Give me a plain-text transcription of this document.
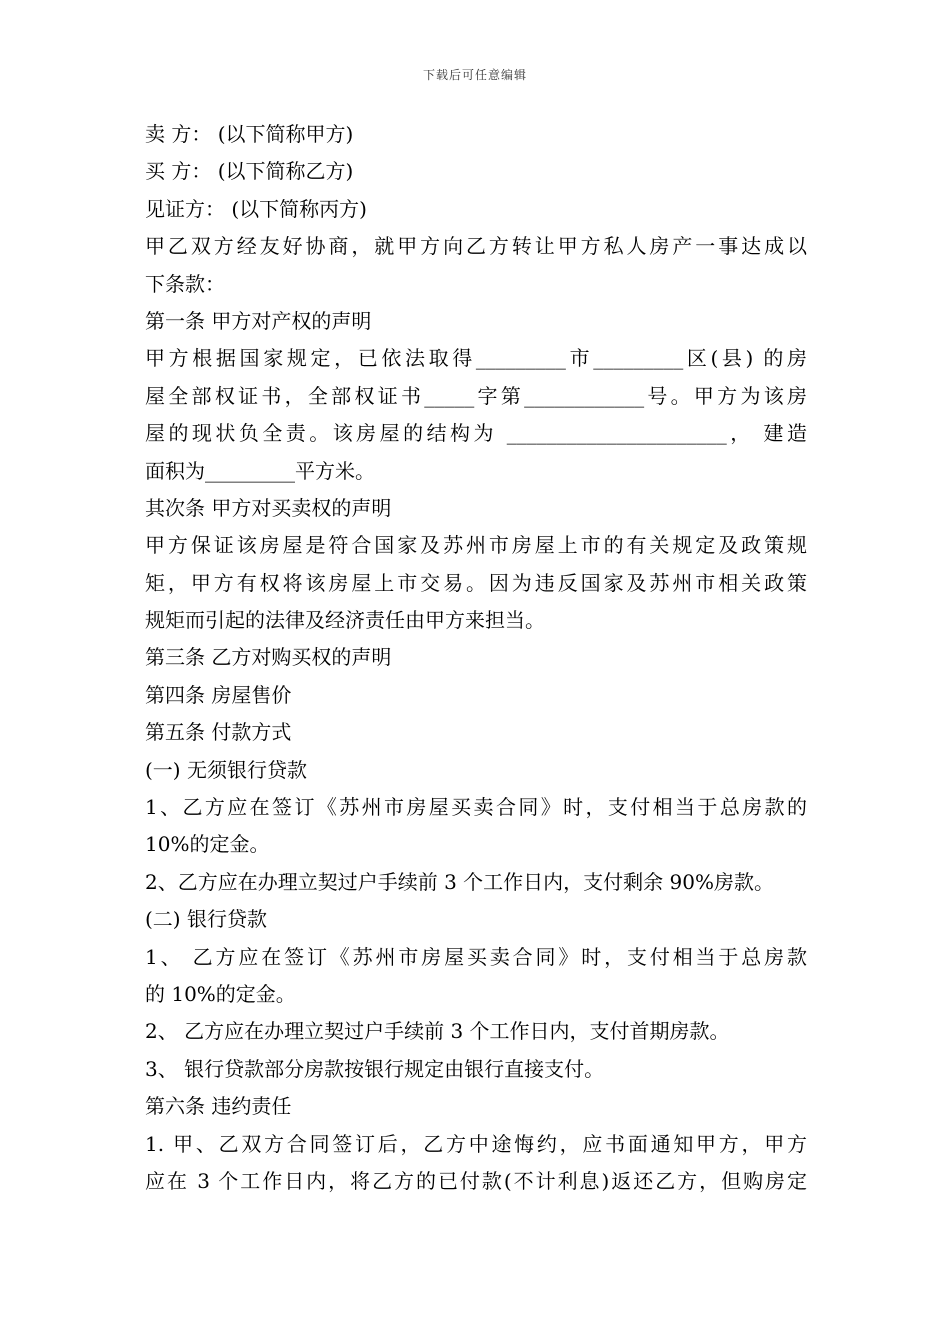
下载后可任意编辑
卖 方： (以下简称甲方)
买 方： (以下简称乙方)
见证方： (以下简称丙方)
甲乙双方经友好协商，就甲方向乙方转让甲方私人房产一事达成以
下条款：
第一条 甲方对产权的声明
甲方根据国家规定，已依法取得_________市_________区(县) 的房
屋全部权证书，全部权证书_____字第____________号。甲方为该房
屋的现状负全责。该房屋的结构为 ______________________， 建造
面积为_________平方米。
其次条 甲方对买卖权的声明
甲方保证该房屋是符合国家及苏州市房屋上市的有关规定及政策规
矩，甲方有权将该房屋上市交易。因为违反国家及苏州市相关政策
规矩而引起的法律及经济责任由甲方来担当。
第三条 乙方对购买权的声明
第四条 房屋售价
第五条 付款方式
(一) 无须银行贷款
1、乙方应在签订《苏州市房屋买卖合同》时，支付相当于总房款的
10%的定金。
2、乙方应在办理立契过户手续前 3 个工作日内，支付剩余 90%房款。
(二) 银行贷款
1、 乙方应在签订《苏州市房屋买卖合同》时，支付相当于总房款
的 10%的定金。
2、 乙方应在办理立契过户手续前 3 个工作日内，支付首期房款。
3、 银行贷款部分房款按银行规定由银行直接支付。
第六条 违约责任
1. 甲、乙双方合同签订后，乙方中途悔约，应书面通知甲方，甲方
应在 3 个工作日内，将乙方的已付款(不计利息)返还乙方，但购房定
